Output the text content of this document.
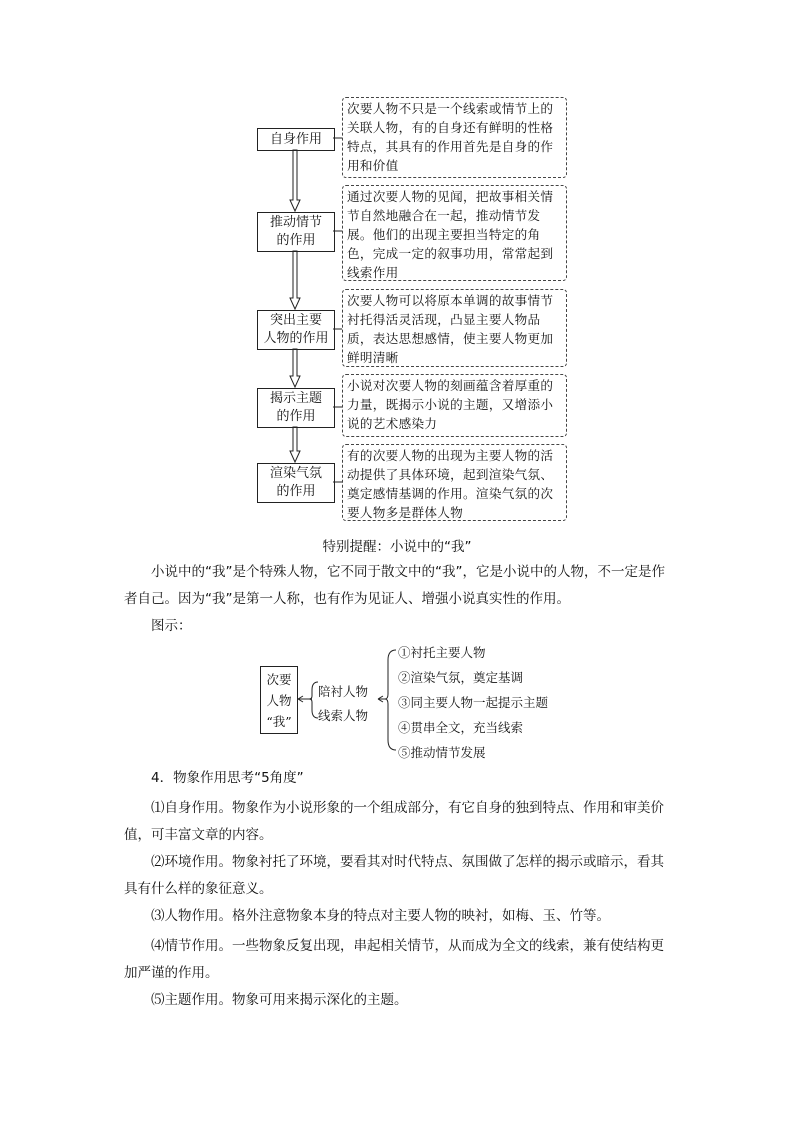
自身作用
次要人物不只是一个线索或情节上的关联人物，有的自身还有鲜明的性格特点，其具有的作用首先是自身的作用和价值
推动情节
的作用
通过次要人物的见闻，把故事相关情节自然地融合在一起，推动情节发展。他们的出现主要担当特定的角色，完成一定的叙事功用，常常起到线索作用
突出主要
人物的作用
次要人物可以将原本单调的故事情节衬托得活灵活现，凸显主要人物品质，表达思想感情，使主要人物更加鲜明清晰
揭示主题
的作用
小说对次要人物的刻画蕴含着厚重的力量，既揭示小说的主题，又增添小说的艺术感染力
渲染气氛
的作用
有的次要人物的出现为主要人物的活动提供了具体环境，起到渲染气氛、奠定感情基调的作用。渲染气氛的次要人物多是群体人物
特别提醒：小说中的“我”
小说中的“我”是个特殊人物，它不同于散文中的“我”，它是小说中的人物，不一定是作者自己。因为“我”是第一人称，也有作为见证人、增强小说真实性的作用。
图示：
次要
人物
“我”
陪衬人物
线索人物
①衬托主要人物
②渲染气氛，奠定基调
③同主要人物一起提示主题
④贯串全文，充当线索
⑤推动情节发展
4．物象作用思考“5角度”
⑴自身作用。物象作为小说形象的一个组成部分，有它自身的独到特点、作用和审美价值，可丰富文章的内容。
⑵环境作用。物象衬托了环境，要看其对时代特点、氛围做了怎样的揭示或暗示，看其具有什么样的象征意义。
⑶人物作用。格外注意物象本身的特点对主要人物的映衬，如梅、玉、竹等。
⑷情节作用。一些物象反复出现，串起相关情节，从而成为全文的线索，兼有使结构更加严谨的作用。
⑸主题作用。物象可用来揭示深化的主题。
